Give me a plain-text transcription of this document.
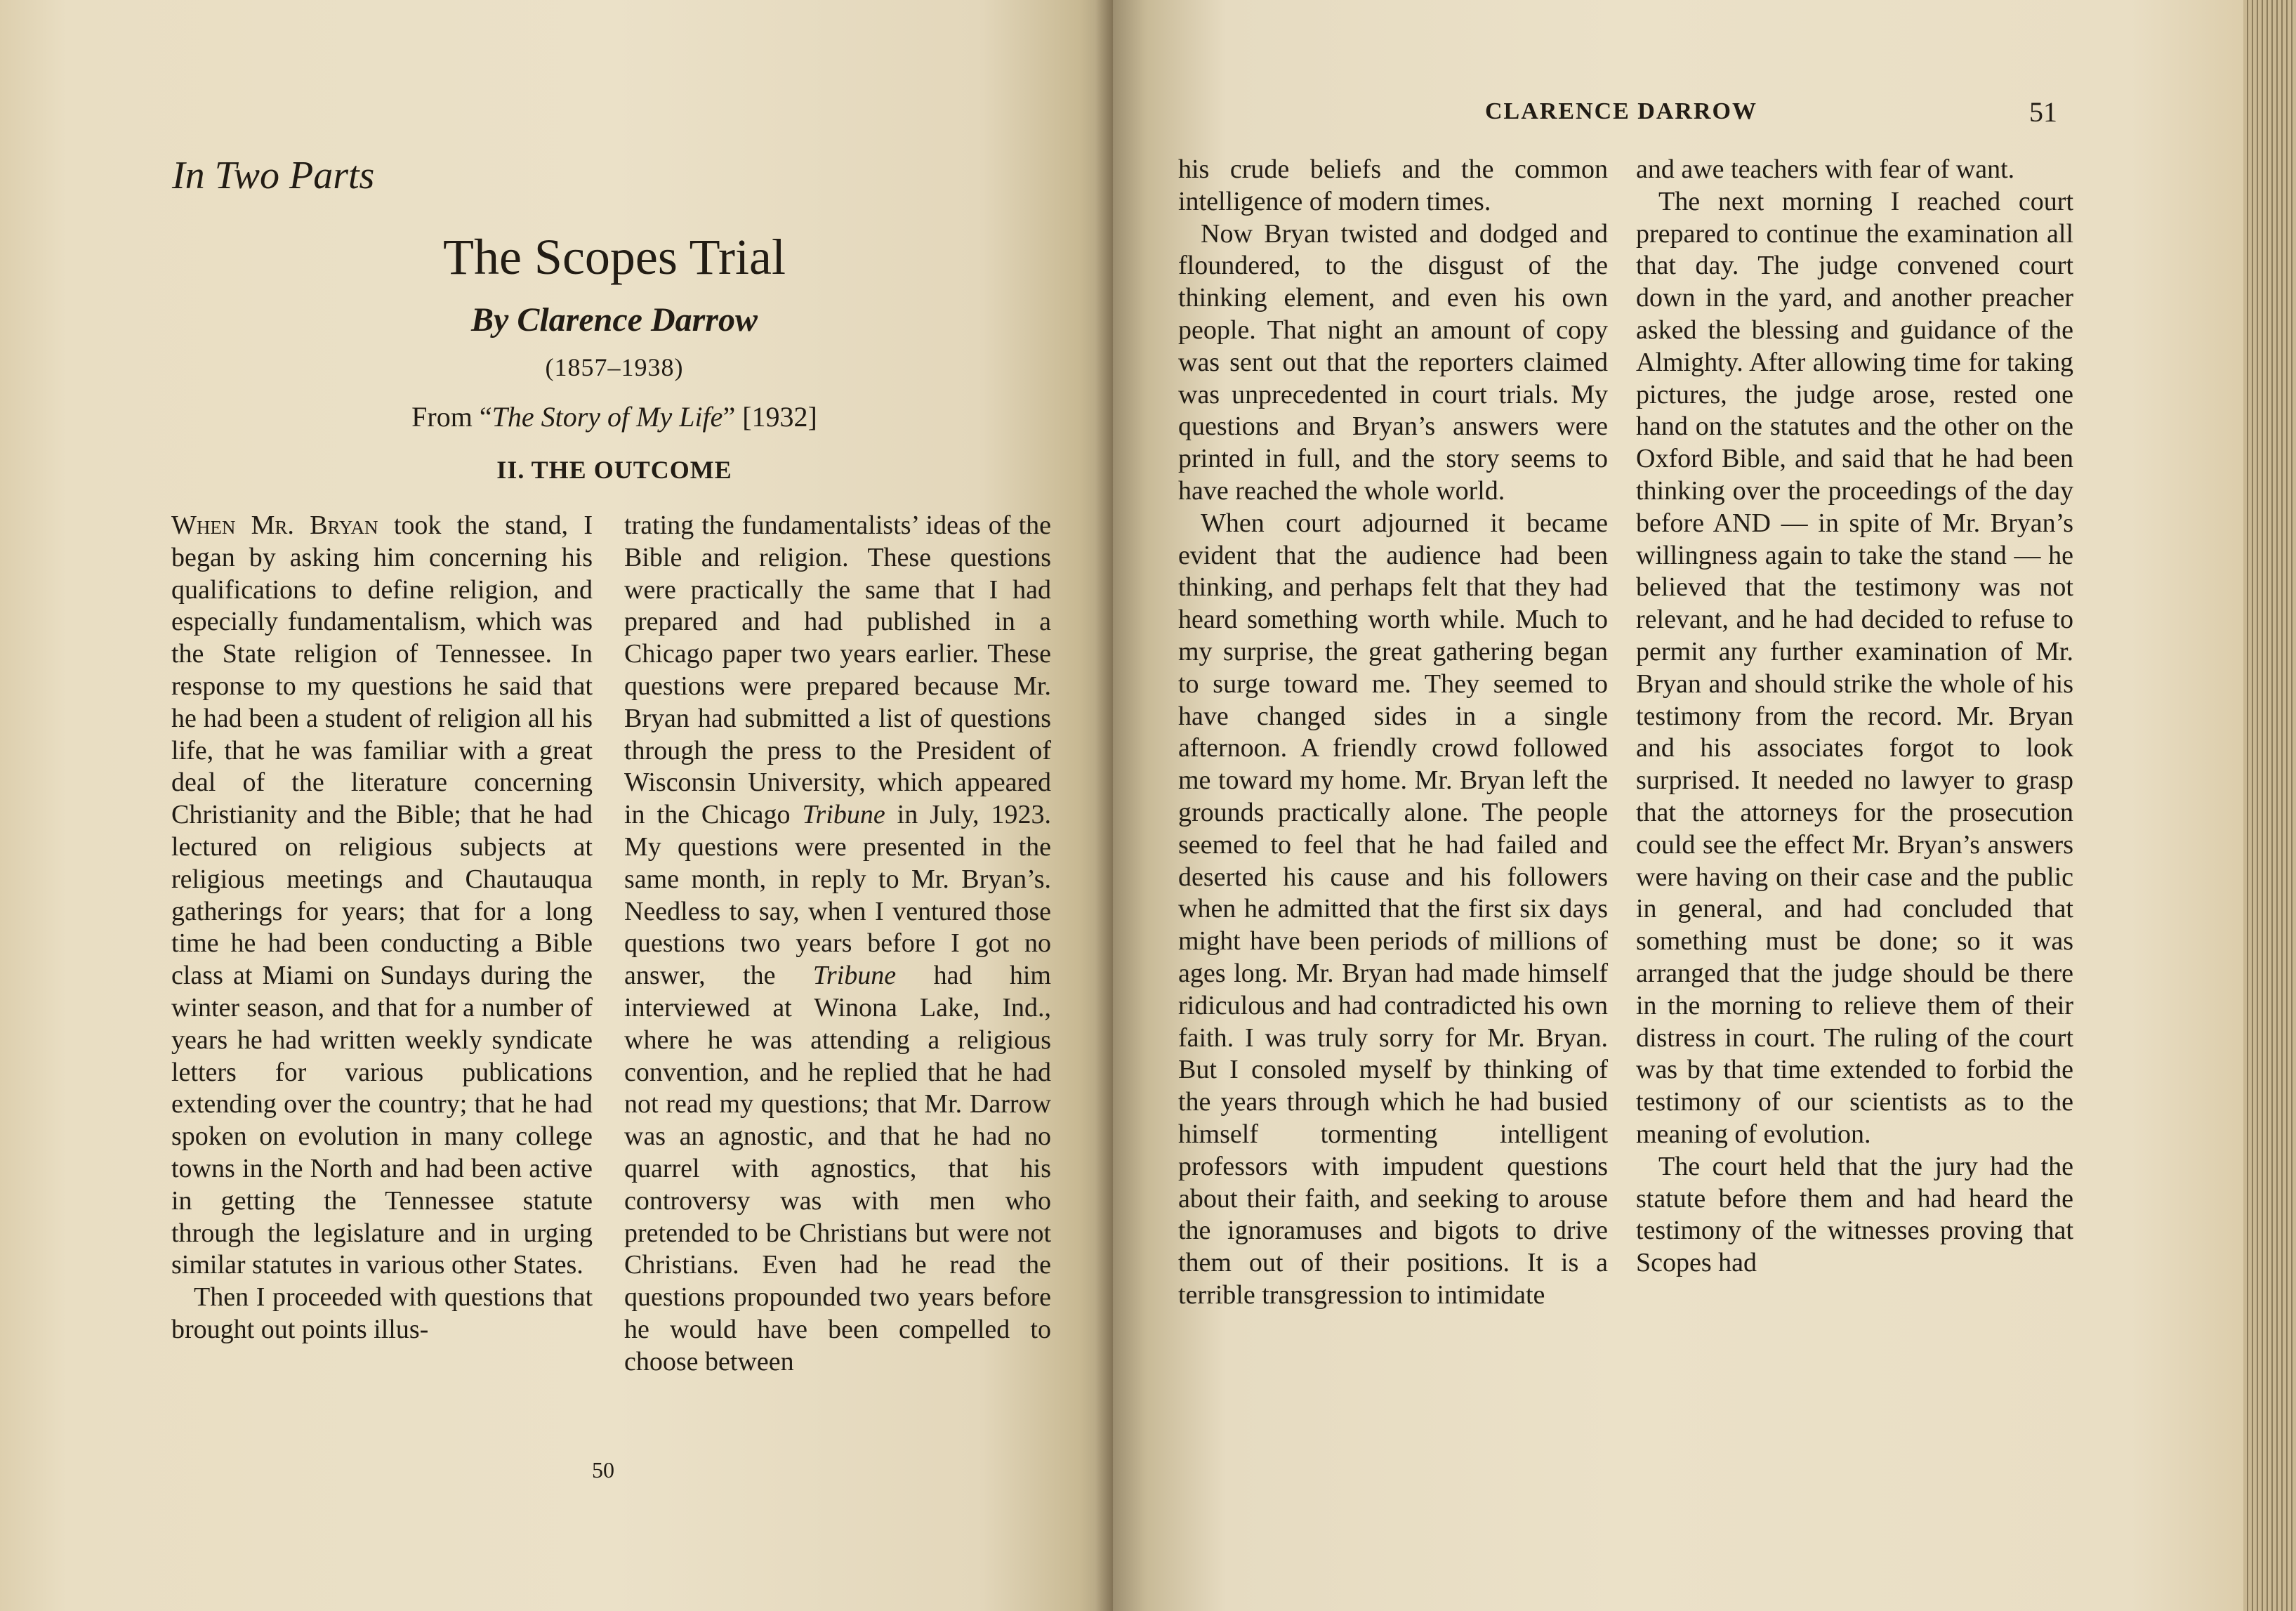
In Two Parts

The Scopes Trial

By Clarence Darrow

(1857–1938)

From “The Story of My Life” [1932]

II. THE OUTCOME

When Mr. Bryan took the stand, I began by asking him concerning his qualifications to define religion, and especially fundamentalism, which was the State religion of Tennessee. In response to my questions he said that he had been a student of religion all his life, that he was familiar with a great deal of the literature concerning Christianity and the Bible; that he had lectured on religious subjects at religious meetings and Chautauqua gatherings for years; that for a long time he had been conducting a Bible class at Miami on Sundays during the winter season, and that for a number of years he had written weekly syndicate letters for various publications extending over the country; that he had spoken on evolution in many college towns in the North and had been active in getting the Tennessee statute through the legislature and in urging similar statutes in various other States.

Then I proceeded with questions that brought out points illus-

trating the fundamentalists’ ideas of the Bible and religion. These questions were practically the same that I had prepared and had published in a Chicago paper two years earlier. These questions were prepared because Mr. Bryan had submitted a list of questions through the press to the President of Wisconsin University, which appeared in the Chicago Tribune in July, 1923. My questions were presented in the same month, in reply to Mr. Bryan’s. Needless to say, when I ventured those questions two years before I got no answer, the Tribune had him interviewed at Winona Lake, Ind., where he was attending a religious convention, and he replied that he had not read my questions; that Mr. Darrow was an agnostic, and that he had no quarrel with agnostics, that his controversy was with men who pretended to be Christians but were not Christians. Even had he read the questions propounded two years before he would have been compelled to choose between

50

CLARENCE DARROW	51

his crude beliefs and the common intelligence of modern times.

Now Bryan twisted and dodged and floundered, to the disgust of the thinking element, and even his own people. That night an amount of copy was sent out that the reporters claimed was unprecedented in court trials. My questions and Bryan’s answers were printed in full, and the story seems to have reached the whole world.

When court adjourned it became evident that the audience had been thinking, and perhaps felt that they had heard something worth while. Much to my surprise, the great gathering began to surge toward me. They seemed to have changed sides in a single afternoon. A friendly crowd followed me toward my home. Mr. Bryan left the grounds practically alone. The people seemed to feel that he had failed and deserted his cause and his followers when he admitted that the first six days might have been periods of millions of ages long. Mr. Bryan had made himself ridiculous and had contradicted his own faith. I was truly sorry for Mr. Bryan. But I consoled myself by thinking of the years through which he had busied himself tormenting intelligent professors with impudent questions about their faith, and seeking to arouse the ignoramuses and bigots to drive them out of their positions. It is a terrible transgression to intimidate

and awe teachers with fear of want.

The next morning I reached court prepared to continue the examination all that day. The judge convened court down in the yard, and another preacher asked the blessing and guidance of the Almighty. After allowing time for taking pictures, the judge arose, rested one hand on the statutes and the other on the Oxford Bible, and said that he had been thinking over the proceedings of the day before AND — in spite of Mr. Bryan’s willingness again to take the stand — he believed that the testimony was not relevant, and he had decided to refuse to permit any further examination of Mr. Bryan and should strike the whole of his testimony from the record. Mr. Bryan and his associates forgot to look surprised. It needed no lawyer to grasp that the attorneys for the prosecution could see the effect Mr. Bryan’s answers were having on their case and the public in general, and had concluded that something must be done; so it was arranged that the judge should be there in the morning to relieve them of their distress in court. The ruling of the court was by that time extended to forbid the testimony of our scientists as to the meaning of evolution.

The court held that the jury had the statute before them and had heard the testimony of the witnesses proving that Scopes had
